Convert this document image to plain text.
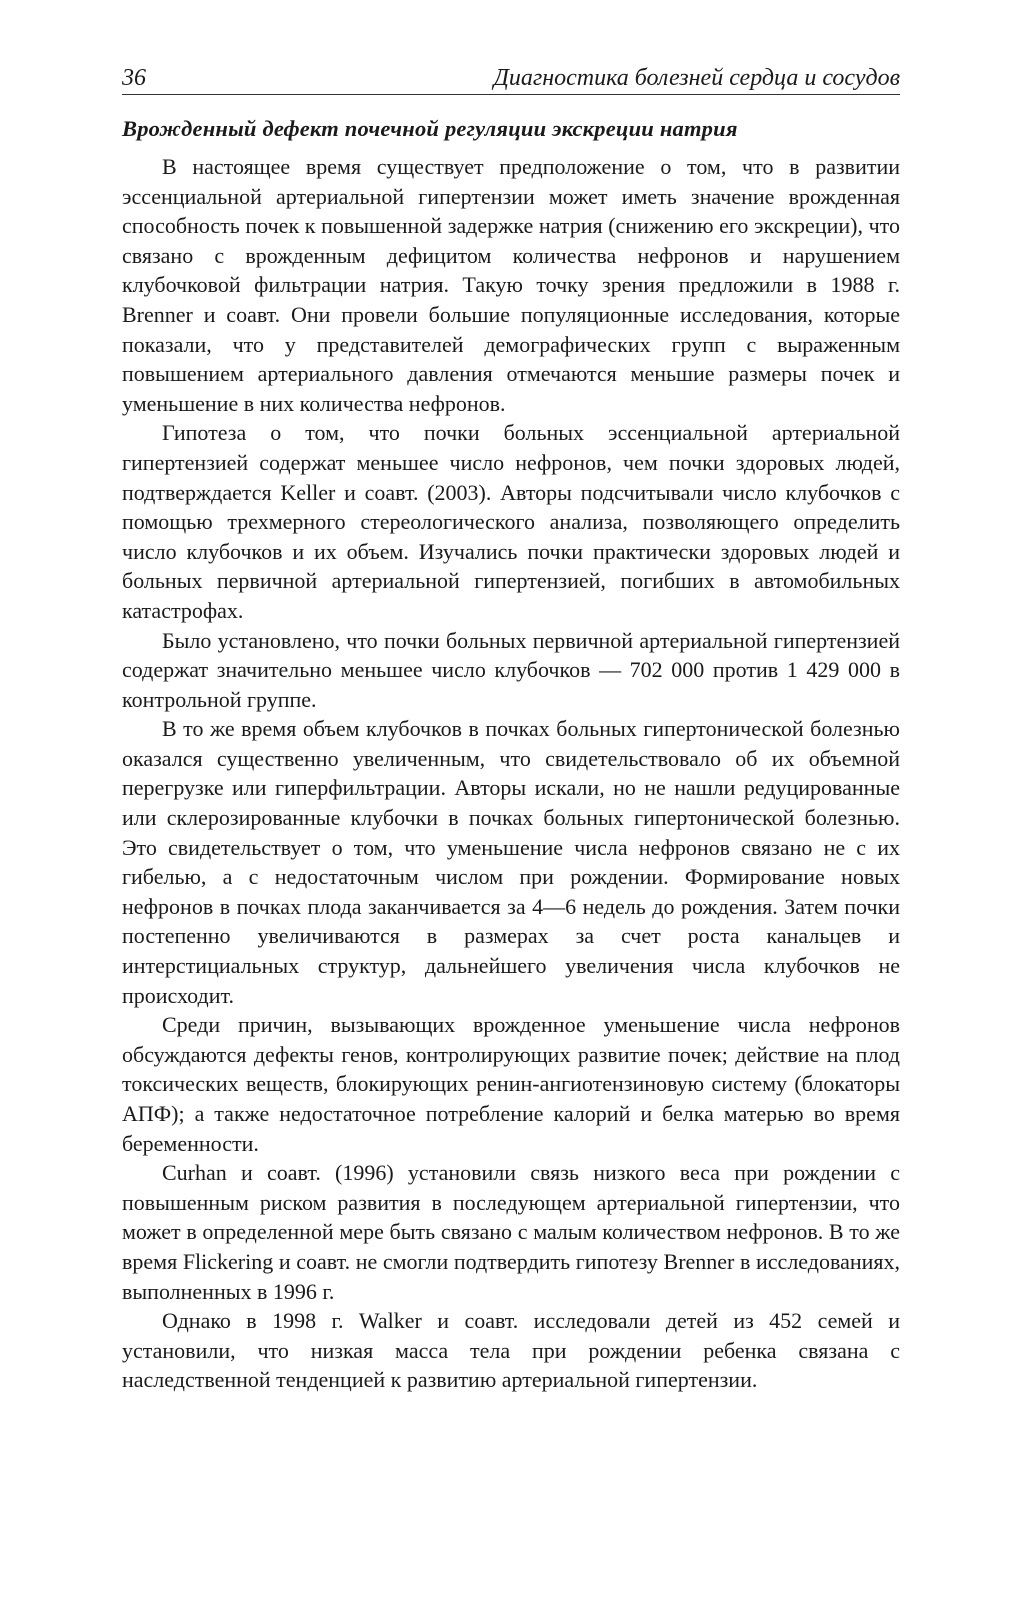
36	Диагностика болезней сердца и сосудов
Врожденный дефект почечной регуляции экскреции натрия

В настоящее время существует предположение о том, что в развитии эссенциальной артериальной гипертензии может иметь значение врожденная способность почек к повышенной задержке натрия (снижению его экскреции), что связано с врожденным дефицитом количества нефронов и нарушением клубочковой фильтрации натрия. Такую точку зрения предложили в 1988 г. Brenner и соавт. Они провели большие популяционные исследования, которые показали, что у представителей демографических групп с выраженным повышением артериального давления отмечаются меньшие размеры почек и уменьшение в них количества нефронов.

Гипотеза о том, что почки больных эссенциальной артериальной гипертензией содержат меньшее число нефронов, чем почки здоровых людей, подтверждается Keller и соавт. (2003). Авторы подсчитывали число клубочков с помощью трехмерного стереологического анализа, позволяющего определить число клубочков и их объем. Изучались почки практически здоровых людей и больных первичной артериальной гипертензией, погибших в автомобильных катастрофах.

Было установлено, что почки больных первичной артериальной гипертензией содержат значительно меньшее число клубочков — 702 000 против 1 429 000 в контрольной группе.

В то же время объем клубочков в почках больных гипертонической болезнью оказался существенно увеличенным, что свидетельствовало об их объемной перегрузке или гиперфильтрации. Авторы искали, но не нашли редуцированные или склерозированные клубочки в почках больных гипертонической болезнью. Это свидетельствует о том, что уменьшение числа нефронов связано не с их гибелью, а с недостаточным числом при рождении. Формирование новых нефронов в почках плода заканчивается за 4—6 недель до рождения. Затем почки постепенно увеличиваются в размерах за счет роста канальцев и интерстициальных структур, дальнейшего увеличения числа клубочков не происходит.

Среди причин, вызывающих врожденное уменьшение числа нефронов обсуждаются дефекты генов, контролирующих развитие почек; действие на плод токсических веществ, блокирующих ренин-ангиотензиновую систему (блокаторы АПФ); а также недостаточное потребление калорий и белка матерью во время беременности.

Curhan и соавт. (1996) установили связь низкого веса при рождении с повышенным риском развития в последующем артериальной гипертензии, что может в определенной мере быть связано с малым количеством нефронов. В то же время Flickering и соавт. не смогли подтвердить гипотезу Brenner в исследованиях, выполненных в 1996 г.

Однако в 1998 г. Walker и соавт. исследовали детей из 452 семей и установили, что низкая масса тела при рождении ребенка связана с наследственной тенденцией к развитию артериальной гипертензии.
